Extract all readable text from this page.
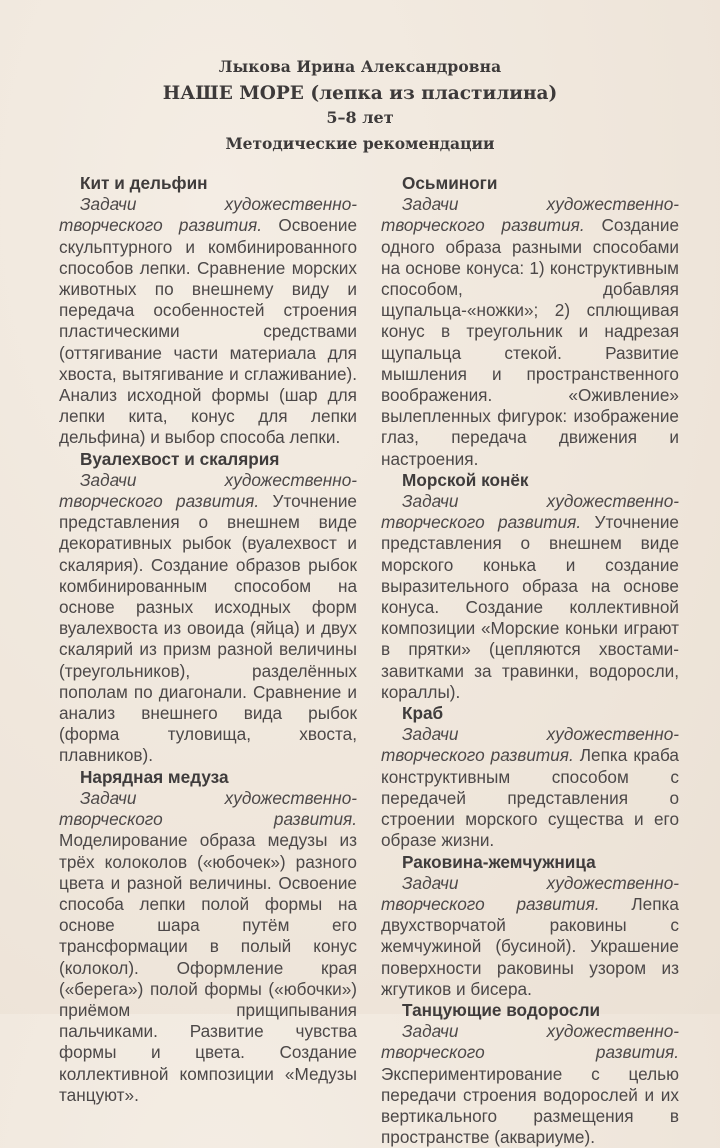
Лыкова Ирина Александровна
НАШЕ МОРЕ (лепка из пластилина)
5–8 лет
Методические рекомендации
Кит и дельфин

Задачи художественно-творческого развития. Освоение скульптурного и комбинированного способов лепки. Сравнение морских животных по внешнему виду и передача особенностей строения пластическими средствами (оттягивание части материала для хвоста, вытягивание и сглаживание). Анализ исходной формы (шар для лепки кита, конус для лепки дельфина) и выбор способа лепки.

Вуалехвост и скалярия

Задачи художественно-творческого развития. Уточнение представления о внешнем виде декоративных рыбок (вуалехвост и скалярия). Создание образов рыбок комбинированным способом на основе разных исходных форм вуалехвоста из овоида (яйца) и двух скалярий из призм разной величины (треугольников), разделённых пополам по диагонали. Сравнение и анализ внешнего вида рыбок (форма туловища, хвоста, плавников).

Нарядная медуза

Задачи художественно-творческого развития. Моделирование образа медузы из трёх колоколов («юбочек») разного цвета и разной величины. Освоение способа лепки полой формы на основе шара путём его трансформации в полый конус (колокол). Оформление края («берега») полой формы («юбочки») приёмом прищипывания пальчиками. Развитие чувства формы и цвета. Создание коллективной композиции «Медузы танцуют».

Осьминоги

Задачи художественно-творческого развития. Создание одного образа разными способами на основе конуса: 1) конструктивным способом, добавляя щупальца-«ножки»; 2) сплющивая конус в треугольник и надрезая щупальца стекой. Развитие мышления и пространственного воображения. «Оживление» вылепленных фигурок: изображение глаз, передача движения и настроения.

Морской конёк

Задачи художественно-творческого развития. Уточнение представления о внешнем виде морского конька и создание выразительного образа на основе конуса. Создание коллективной композиции «Морские коньки играют в прятки» (цепляются хвостами-завитками за травинки, водоросли, кораллы).

Краб

Задачи художественно-творческого развития. Лепка краба конструктивным способом с передачей представления о строении морского существа и его образе жизни.

Раковина-жемчужница

Задачи художественно-творческого развития. Лепка двухстворчатой раковины с жемчужиной (бусиной). Украшение поверхности раковины узором из жгутиков и бисера.

Танцующие водоросли

Задачи художественно-творческого развития. Экспериментирование с целью передачи строения водорослей и их вертикального размещения в пространстве (аквариуме).
